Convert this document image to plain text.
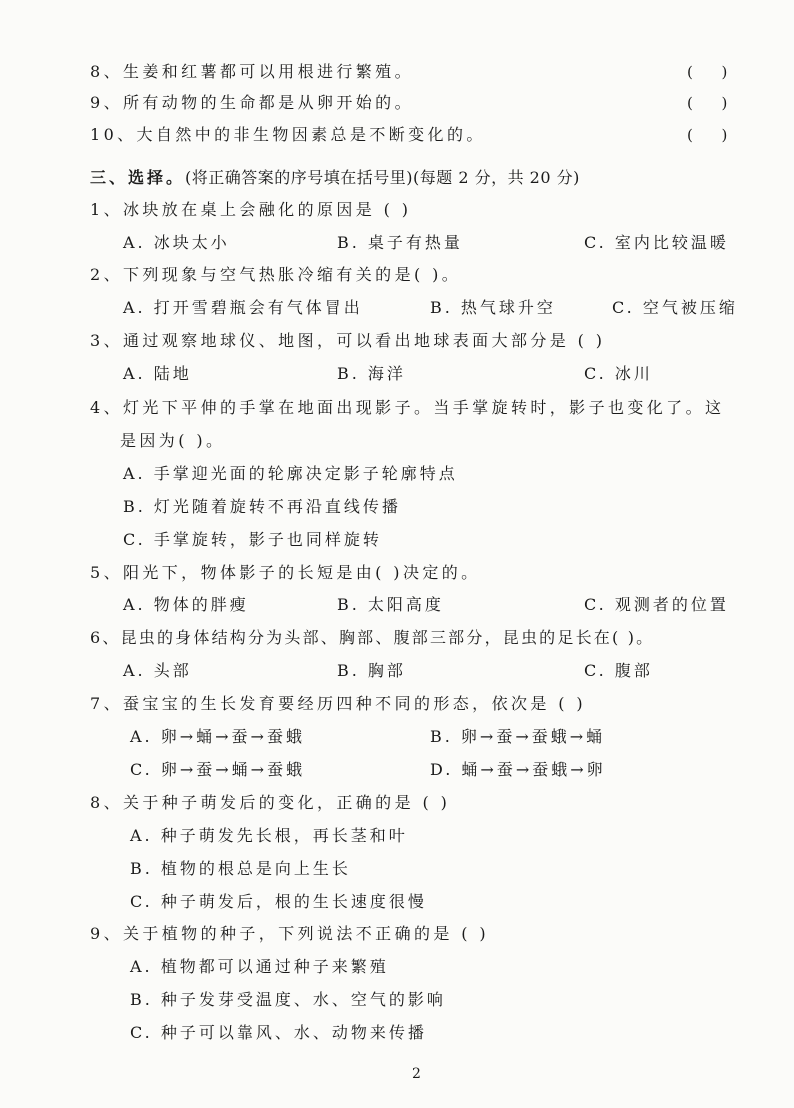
8、生姜和红薯都可以用根进行繁殖。	(      )
9、所有动物的生命都是从卵开始的。	(      )
10、大自然中的非生物因素总是不断变化的。	(      )
三、选择。(将正确答案的序号填在括号里)(每题 2 分，共 20 分)
1、冰块放在桌上会融化的原因是 ( )
A. 冰块太小	B. 桌子有热量	C. 室内比较温暖
2、下列现象与空气热胀冷缩有关的是( )。
A. 打开雪碧瓶会有气体冒出	B. 热气球升空	C. 空气被压缩
3、通过观察地球仪、地图，可以看出地球表面大部分是 ( )
A. 陆地	B. 海洋	C. 冰川
4、灯光下平伸的手掌在地面出现影子。当手掌旋转时，影子也变化了。这
是因为( )。
A. 手掌迎光面的轮廓决定影子轮廓特点
B. 灯光随着旋转不再沿直线传播
C. 手掌旋转，影子也同样旋转
5、阳光下，物体影子的长短是由( )决定的。
A. 物体的胖瘦	B. 太阳高度	C. 观测者的位置
6、昆虫的身体结构分为头部、胸部、腹部三部分，昆虫的足长在( )。
A. 头部	B. 胸部	C. 腹部
7、蚕宝宝的生长发育要经历四种不同的形态，依次是 ( )
A. 卵→蛹→蚕→蚕蛾	B. 卵→蚕→蚕蛾→蛹
C. 卵→蚕→蛹→蚕蛾	D. 蛹→蚕→蚕蛾→卵
8、关于种子萌发后的变化，正确的是 ( )
A. 种子萌发先长根，再长茎和叶
B. 植物的根总是向上生长
C. 种子萌发后，根的生长速度很慢
9、关于植物的种子，下列说法不正确的是 ( )
A. 植物都可以通过种子来繁殖
B. 种子发芽受温度、水、空气的影响
C. 种子可以靠风、水、动物来传播
2
